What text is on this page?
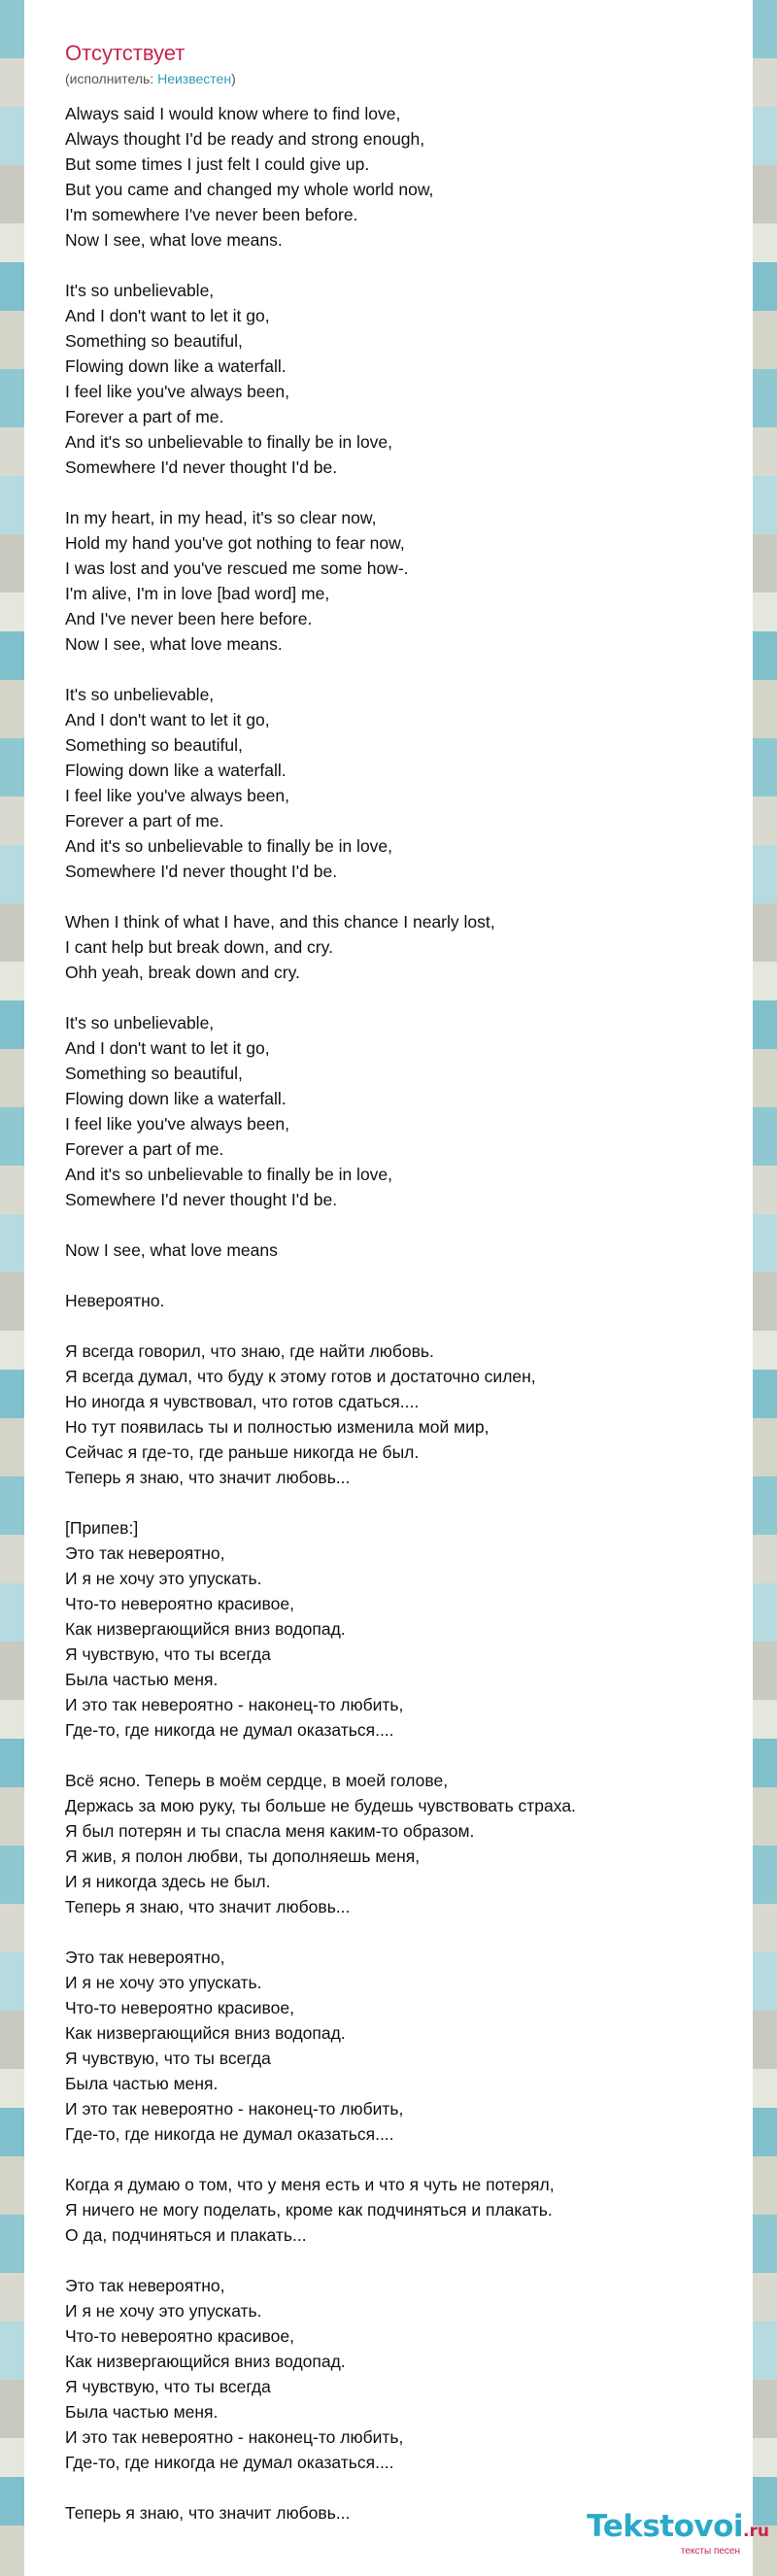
Отсутствует
(исполнитель: Неизвестен)
Always said I would know where to find love,
Always thought I'd be ready and strong enough,
But some times I just felt I could give up.
But you came and changed my whole world now,
I'm somewhere I've never been before.
Now I see, what love means.

It's so unbelievable,
And I don't want to let it go,
Something so beautiful,
Flowing down like a waterfall.
I feel like you've always been,
Forever a part of me.
And it's so unbelievable to finally be in love,
Somewhere I'd never thought I'd be.

In my heart, in my head, it's so clear now,
Hold my hand you've got nothing to fear now,
I was lost and you've rescued me some how-.
I'm alive, I'm in love [bad word] me,
And I've never been here before.
Now I see, what love means.

It's so unbelievable,
And I don't want to let it go,
Something so beautiful,
Flowing down like a waterfall.
I feel like you've always been,
Forever a part of me.
And it's so unbelievable to finally be in love,
Somewhere I'd never thought I'd be.

When I think of what I have, and this chance I nearly lost,
I cant help but break down, and cry.
Ohh yeah, break down and cry.

It's so unbelievable,
And I don't want to let it go,
Something so beautiful,
Flowing down like a waterfall.
I feel like you've always been,
Forever a part of me.
And it's so unbelievable to finally be in love,
Somewhere I'd never thought I'd be.

Now I see, what love means

Невероятно.

Я всегда говорил, что знаю, где найти любовь.
Я всегда думал, что буду к этому готов и достаточно силен,
Но иногда я чувствовал, что готов сдаться....
Но тут появилась ты и полностью изменила мой мир,
Сейчас я где-то, где раньше никогда не был.
Теперь я знаю, что значит любовь...

[Припев:]
Это так невероятно,
И я не хочу это упускать.
Что-то невероятно красивое,
Как низвергающийся вниз водопад.
Я чувствую, что ты всегда
Была частью меня.
И это так невероятно - наконец-то любить,
Где-то, где никогда не думал оказаться....

Всё ясно. Теперь в моём сердце, в моей голове,
Держась за мою руку, ты больше не будешь чувствовать страха.
Я был потерян и ты спасла меня каким-то образом.
Я жив, я полон любви, ты дополняешь меня,
И я никогда здесь не был.
Теперь я знаю, что значит любовь...

Это так невероятно,
И я не хочу это упускать.
Что-то невероятно красивое,
Как низвергающийся вниз водопад.
Я чувствую, что ты всегда
Была частью меня.
И это так невероятно - наконец-то любить,
Где-то, где никогда не думал оказаться....

Когда я думаю о том, что у меня есть и что я чуть не потерял,
Я ничего не могу поделать, кроме как подчиняться и плакать.
О да, подчиняться и плакать...

Это так невероятно,
И я не хочу это упускать.
Что-то невероятно красивое,
Как низвергающийся вниз водопад.
Я чувствую, что ты всегда
Была частью меня.
И это так невероятно - наконец-то любить,
Где-то, где никогда не думал оказаться....

Теперь я знаю, что значит любовь...	Tekstovoi.ru
тексты песен
